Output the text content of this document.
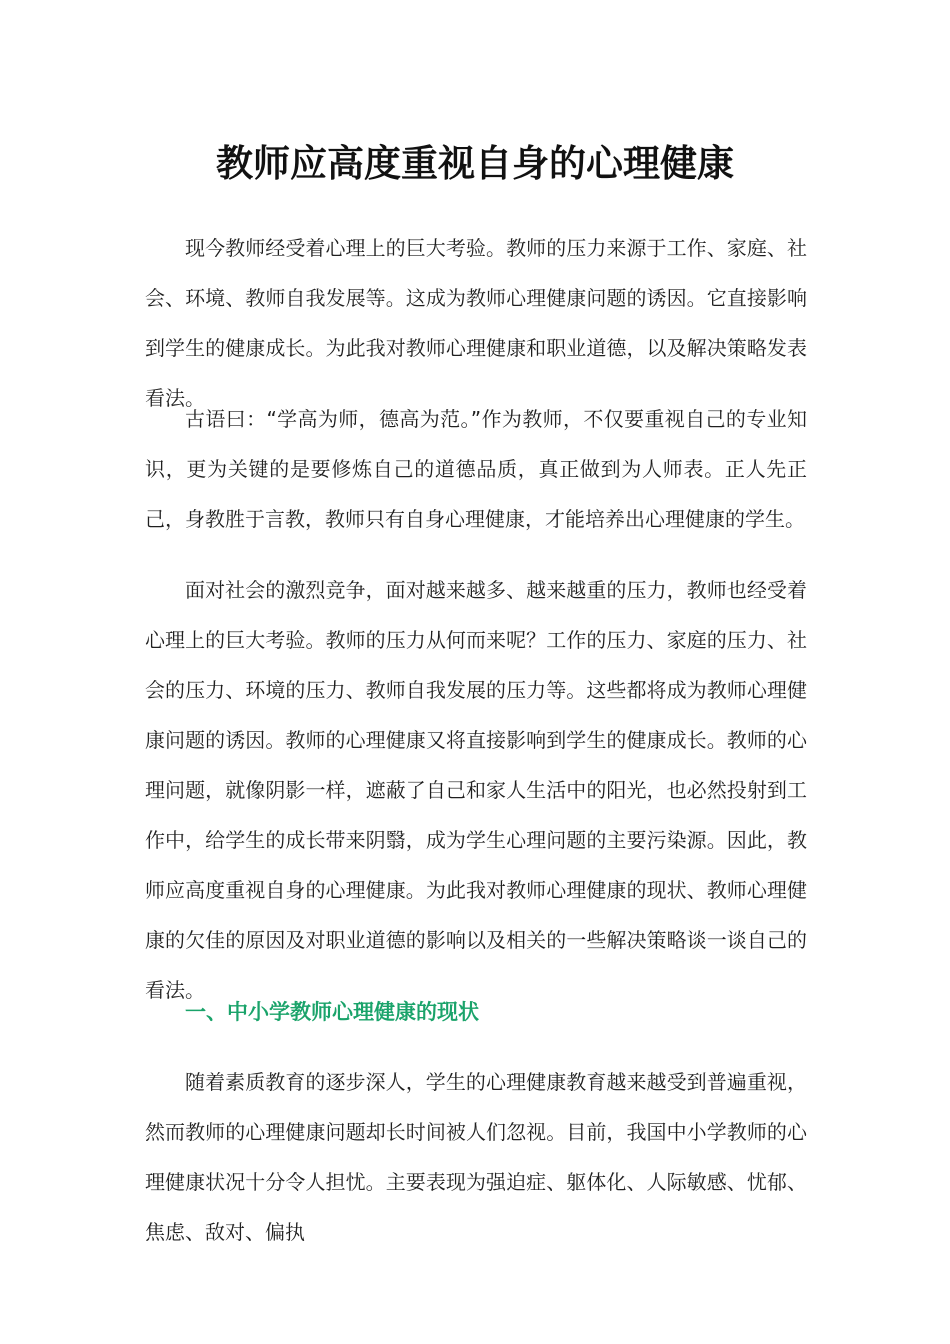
教师应高度重视自身的心理健康

现今教师经受着心理上的巨大考验。教师的压力来源于工作、家庭、社会、环境、教师自我发展等。这成为教师心理健康问题的诱因。它直接影响到学生的健康成长。为此我对教师心理健康和职业道德，以及解决策略发表看法。

古语曰：“学高为师，德高为范。”作为教师，不仅要重视自己的专业知识，更为关键的是要修炼自己的道德品质，真正做到为人师表。正人先正己，身教胜于言教，教师只有自身心理健康，才能培养出心理健康的学生。

面对社会的激烈竞争，面对越来越多、越来越重的压力，教师也经受着心理上的巨大考验。教师的压力从何而来呢？工作的压力、家庭的压力、社会的压力、环境的压力、教师自我发展的压力等。这些都将成为教师心理健康问题的诱因。教师的心理健康又将直接影响到学生的健康成长。教师的心理问题，就像阴影一样，遮蔽了自己和家人生活中的阳光，也必然投射到工作中，给学生的成长带来阴翳，成为学生心理问题的主要污染源。因此，教师应高度重视自身的心理健康。为此我对教师心理健康的现状、教师心理健康的欠佳的原因及对职业道德的影响以及相关的一些解决策略谈一谈自己的看法。

一、中小学教师心理健康的现状

随着素质教育的逐步深人，学生的心理健康教育越来越受到普遍重视，然而教师的心理健康问题却长时间被人们忽视。目前，我国中小学教师的心理健康状况十分令人担忧。主要表现为强迫症、躯体化、人际敏感、忧郁、焦虑、敌对、偏执
